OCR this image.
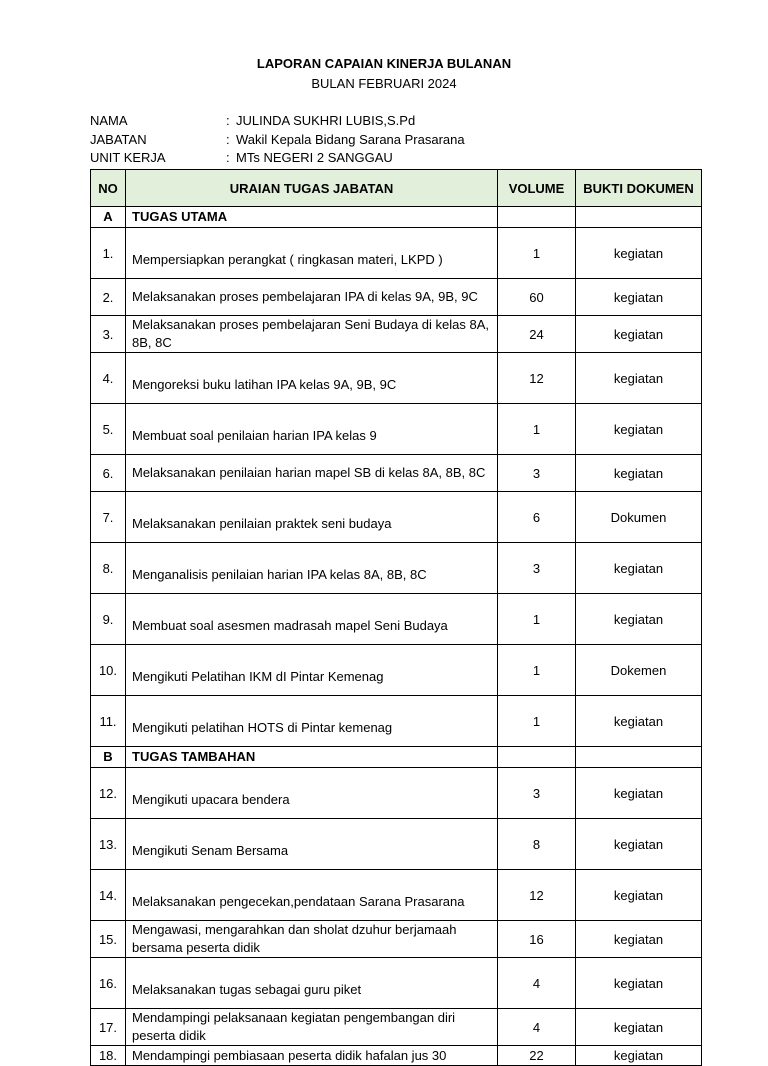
LAPORAN CAPAIAN KINERJA BULANAN
BULAN FEBRUARI 2024
NAMA	: JULINDA SUKHRI LUBIS,S.Pd
JABATAN	: Wakil Kepala Bidang Sarana Prasarana
UNIT KERJA	: MTs NEGERI 2 SANGGAU
NO	URAIAN TUGAS JABATAN	VOLUME	BUKTI DOKUMEN
A	TUGAS UTAMA		
1.	Mempersiapkan perangkat ( ringkasan materi, LKPD )	1	kegiatan
2.	Melaksanakan proses pembelajaran IPA di kelas 9A, 9B, 9C	60	kegiatan
3.	Melaksanakan proses pembelajaran Seni Budaya di kelas 8A, 8B, 8C	24	kegiatan
4.	Mengoreksi buku latihan IPA kelas 9A, 9B, 9C	12	kegiatan
5.	Membuat soal penilaian harian IPA kelas 9	1	kegiatan
6.	Melaksanakan penilaian harian mapel SB di kelas 8A, 8B, 8C	3	kegiatan
7.	Melaksanakan penilaian praktek seni budaya	6	Dokumen
8.	Menganalisis penilaian harian IPA kelas 8A, 8B, 8C	3	kegiatan
9.	Membuat soal asesmen madrasah mapel Seni Budaya	1	kegiatan
10.	Mengikuti Pelatihan IKM dI Pintar Kemenag	1	Dokemen
11.	Mengikuti pelatihan HOTS di Pintar kemenag	1	kegiatan
B	TUGAS TAMBAHAN		
12.	Mengikuti upacara bendera	3	kegiatan
13.	Mengikuti Senam Bersama	8	kegiatan
14.	Melaksanakan pengecekan,pendataan Sarana Prasarana	12	kegiatan
15.	Mengawasi, mengarahkan dan sholat dzuhur berjamaah bersama peserta didik	16	kegiatan
16.	Melaksanakan tugas sebagai guru piket	4	kegiatan
17.	Mendampingi pelaksanaan kegiatan pengembangan diri peserta didik	4	kegiatan
18.	Mendampingi pembiasaan peserta didik hafalan jus 30	22	kegiatan
